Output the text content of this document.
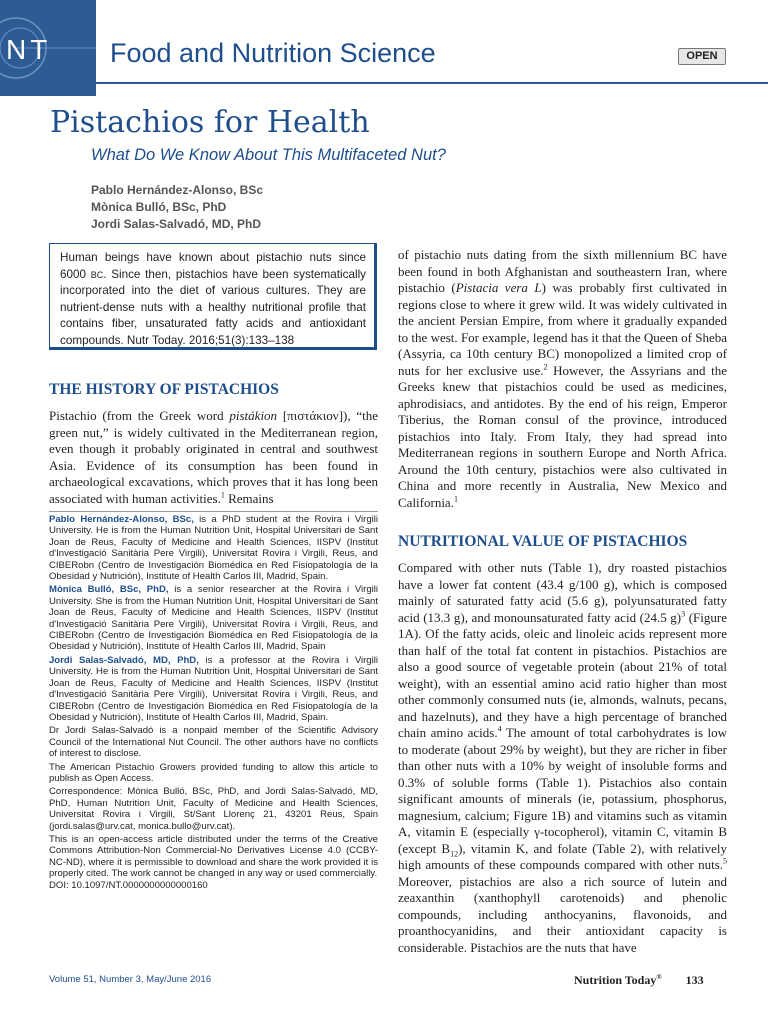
NT Food and Nutrition Science	OPEN
Pistachios for Health
What Do We Know About This Multifaceted Nut?
Pablo Hernández-Alonso, BSc
Mònica Bulló, BSc, PhD
Jordi Salas-Salvadó, MD, PhD
Human beings have known about pistachio nuts since 6000 BC. Since then, pistachios have been systematically incorporated into the diet of various cultures. They are nutrient-dense nuts with a healthy nutritional profile that contains fiber, unsaturated fatty acids and antioxidant compounds. Nutr Today. 2016;51(3):133–138
THE HISTORY OF PISTACHIOS

Pistachio (from the Greek word pistákion [πιστάκιον]), “the green nut,” is widely cultivated in the Mediterranean region, even though it probably originated in central and southwest Asia. Evidence of its consumption has been found in archaeological excavations, which proves that it has long been associated with human activities.$^1$ Remains

Pablo Hernández-Alonso, BSc, is a PhD student at the Rovira i Virgili University. He is from the Human Nutrition Unit, Hospital Universitari de Sant Joan de Reus, Faculty of Medicine and Health Sciences, IISPV (Institut d'Investigació Sanitària Pere Virgili), Universitat Rovira i Virgili, Reus, and CIBERobn (Centro de Investigación Biomédica en Red Fisiopatología de la Obesidad y Nutrición), Institute of Health Carlos III, Madrid, Spain.

Mònica Bulló, BSc, PhD, is a senior researcher at the Rovira i Virgili University. She is from the Human Nutrition Unit, Hospital Universitari de Sant Joan de Reus, Faculty of Medicine and Health Sciences, IISPV (Institut d'Investigació Sanitària Pere Virgili), Universitat Rovira i Virgili, Reus, and CIBERobn (Centro de Investigación Biomédica en Red Fisiopatología de la Obesidad y Nutrición), Institute of Health Carlos III, Madrid, Spain

Jordi Salas-Salvadó, MD, PhD, is a professor at the Rovira i Virgili University. He is from the Human Nutrition Unit, Hospital Universitari de Sant Joan de Reus, Faculty of Medicine and Health Sciences, IISPV (Institut d'Investigació Sanitària Pere Virgili), Universitat Rovira i Virgili, Reus, and CIBERobn (Centro de Investigación Biomédica en Red Fisiopatología de la Obesidad y Nutrición), Institute of Health Carlos III, Madrid, Spain.

Dr Jordi Salas-Salvadó is a nonpaid member of the Scientific Advisory Council of the International Nut Council. The other authors have no conflicts of interest to disclose.

The American Pistachio Growers provided funding to allow this article to publish as Open Access.

Correspondence: Mònica Bulló, BSc, PhD, and Jordi Salas-Salvadó, MD, PhD, Human Nutrition Unit, Faculty of Medicine and Health Sciences, Universitat Rovira i Virgili, St/Sant Llorenç 21, 43201 Reus, Spain (jordi.salas@urv.cat, monica.bullo@urv.cat).

This is an open-access article distributed under the terms of the Creative Commons Attribution-Non Commercial-No Derivatives License 4.0 (CCBY-NC-ND), where it is permissible to download and share the work provided it is properly cited. The work cannot be changed in any way or used commercially.

DOI: 10.1097/NT.0000000000000160

of pistachio nuts dating from the sixth millennium BC have been found in both Afghanistan and southeastern Iran, where pistachio (Pistacia vera L) was probably first cultivated in regions close to where it grew wild. It was widely cultivated in the ancient Persian Empire, from where it gradually expanded to the west. For example, legend has it that the Queen of Sheba (Assyria, ca 10th century BC) monopolized a limited crop of nuts for her exclusive use.$^2$ However, the Assyrians and the Greeks knew that pistachios could be used as medicines, aphrodisiacs, and antidotes. By the end of his reign, Emperor Tiberius, the Roman consul of the province, introduced pistachios into Italy. From Italy, they had spread into Mediterranean regions in southern Europe and North Africa. Around the 10th century, pistachios were also cultivated in China and more recently in Australia, New Mexico and California.$^1$

NUTRITIONAL VALUE OF PISTACHIOS

Compared with other nuts (Table 1), dry roasted pistachios have a lower fat content (43.4 g/100 g), which is composed mainly of saturated fatty acid (5.6 g), polyunsaturated fatty acid (13.3 g), and monounsaturated fatty acid (24.5 g)$^3$ (Figure 1A). Of the fatty acids, oleic and linoleic acids represent more than half of the total fat content in pistachios. Pistachios are also a good source of vegetable protein (about 21% of total weight), with an essential amino acid ratio higher than most other commonly consumed nuts (ie, almonds, walnuts, pecans, and hazelnuts), and they have a high percentage of branched chain amino acids.$^4$ The amount of total carbohydrates is low to moderate (about 29% by weight), but they are richer in fiber than other nuts with a 10% by weight of insoluble forms and 0.3% of soluble forms (Table 1). Pistachios also contain significant amounts of minerals (ie, potassium, phosphorus, magnesium, calcium; Figure 1B) and vitamins such as vitamin A, vitamin E (especially γ-tocopherol), vitamin C, vitamin B (except $B_{12}$), vitamin K, and folate (Table 2), with relatively high amounts of these compounds compared with other nuts.$^5$ Moreover, pistachios are also a rich source of lutein and zeaxanthin (xanthophyll carotenoids) and phenolic compounds, including anthocyanins, flavonoids, and proanthocyanidins, and their antioxidant capacity is considerable. Pistachios are the nuts that have

Volume 51, Number 3, May/June 2016	Nutrition Today® 133
